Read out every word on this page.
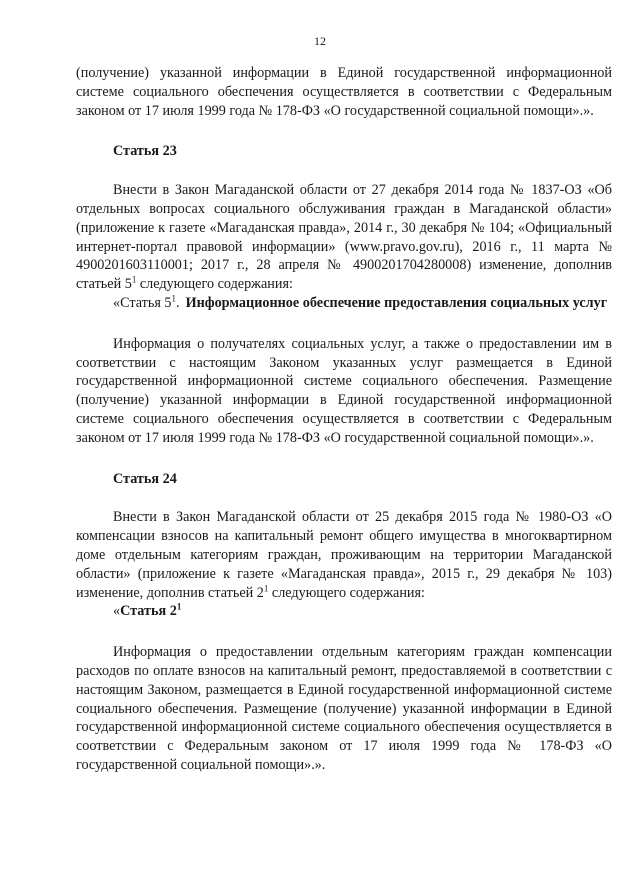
12

(получение) указанной информации в Единой государственной информационной системе социального обеспечения осуществляется в соответствии с Федеральным законом от 17 июля 1999 года № 178-ФЗ «О государственной социальной помощи».».

Статья 23

Внести в Закон Магаданской области от 27 декабря 2014 года № 1837-ОЗ «Об отдельных вопросах социального обслуживания граждан в Магаданской области» (приложение к газете «Магаданская правда», 2014 г., 30 декабря № 104; «Официальный интернет-портал правовой информации» (www.pravo.gov.ru), 2016 г., 11 марта № 4900201603110001; 2017 г., 28 апреля № 4900201704280008) изменение, дополнив статьей $5^1$ следующего содержания:

«Статья $5^1$. Информационное обеспечение предоставления социальных услуг

Информация о получателях социальных услуг, а также о предоставлении им в соответствии с настоящим Законом указанных услуг размещается в Единой государственной информационной системе социального обеспечения. Размещение (получение) указанной информации в Единой государственной информационной системе социального обеспечения осуществляется в соответствии с Федеральным законом от 17 июля 1999 года № 178-ФЗ «О государственной социальной помощи».».

Статья 24

Внести в Закон Магаданской области от 25 декабря 2015 года № 1980-ОЗ «О компенсации взносов на капитальный ремонт общего имущества в многоквартирном доме отдельным категориям граждан, проживающим на территории Магаданской области» (приложение к газете «Магаданская правда», 2015 г., 29 декабря № 103) изменение, дополнив статьей $2^1$ следующего содержания:

«Статья $2^1$

Информация о предоставлении отдельным категориям граждан компенсации расходов по оплате взносов на капитальный ремонт, предоставляемой в соответствии с настоящим Законом, размещается в Единой государственной информационной системе социального обеспечения. Размещение (получение) указанной информации в Единой государственной информационной системе социального обеспечения осуществляется в соответствии с Федеральным законом от 17 июля 1999 года № 178-ФЗ «О государственной социальной помощи».».
